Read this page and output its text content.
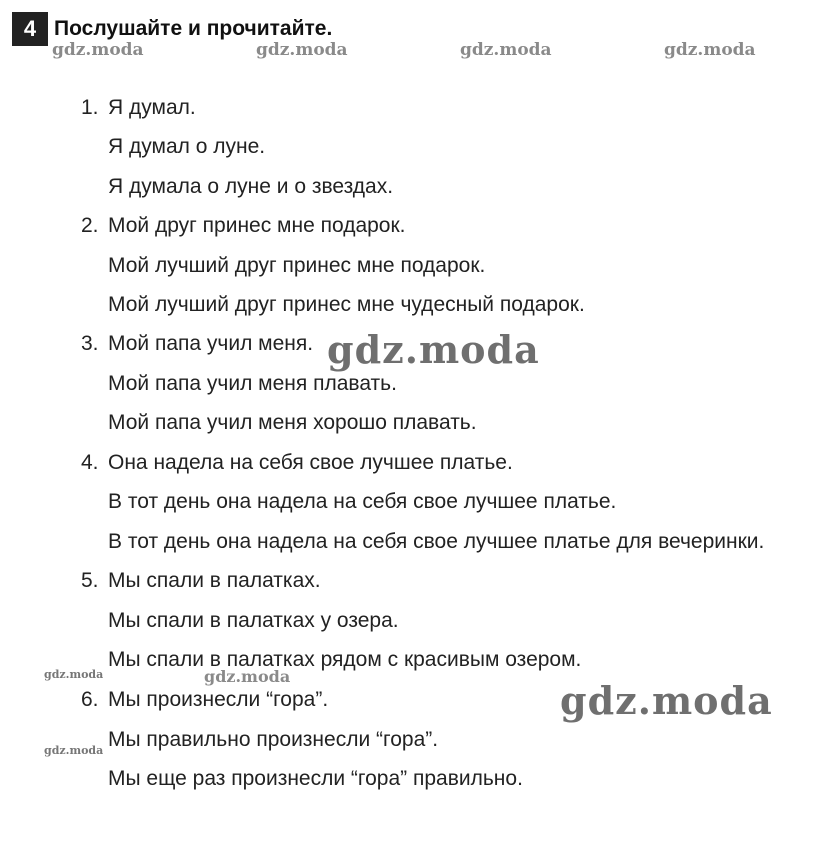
4 Послушайте и прочитайте.
gdz.moda	gdz.moda	gdz.moda	gdz.moda
1. Я думал.
Я думал о луне.
Я думала о луне и о звездах.
2. Мой друг принес мне подарок.
Мой лучший друг принес мне подарок.
Мой лучший друг принес мне чудесный подарок.
3. Мой папа учил меня.
Мой папа учил меня плавать.
Мой папа учил меня хорошо плавать.
4. Она надела на себя свое лучшее платье.
В тот день она надела на себя свое лучшее платье.
В тот день она надела на себя свое лучшее платье для вечеринки.
5. Мы спали в палатках.
Мы спали в палатках у озера.
Мы спали в палатках рядом с красивым озером.
6. Мы произнесли “гора”.
Мы правильно произнесли “гора”.
Мы еще раз произнесли “гора” правильно.
gdz.moda
gdz.moda
gdz.moda
gdz.moda
gdz.moda
